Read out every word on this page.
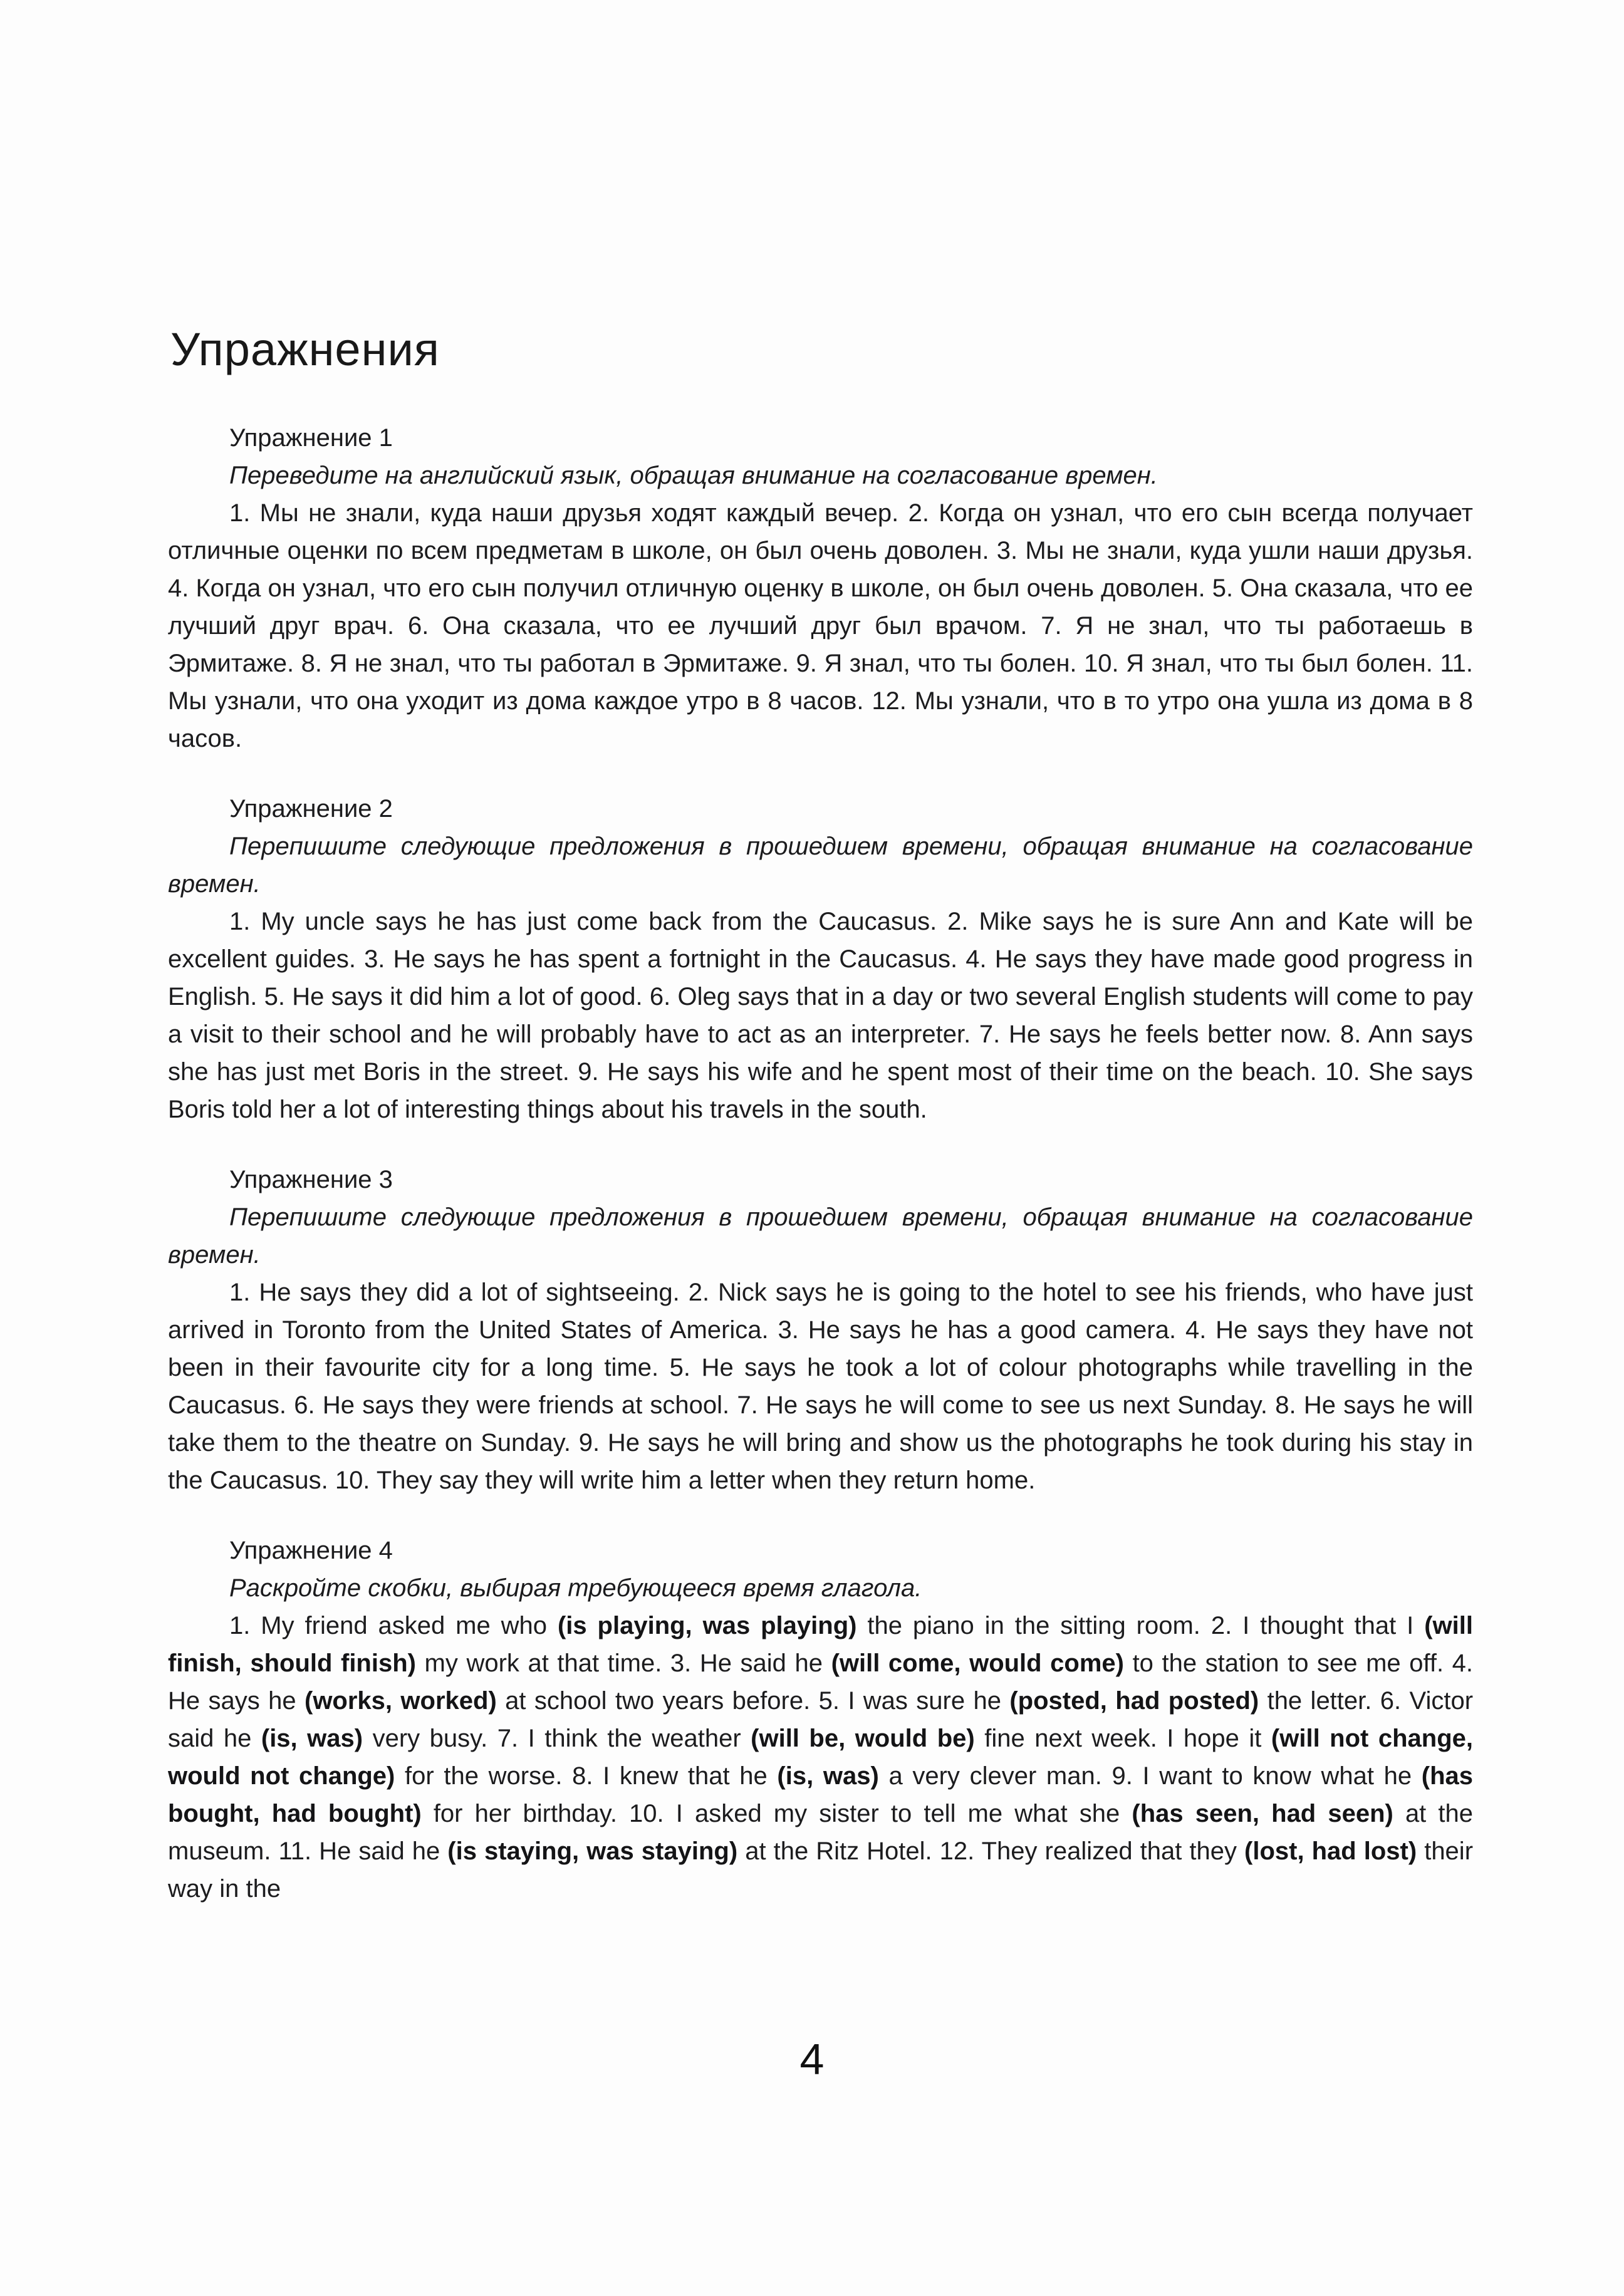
Упражнения

Упражнение 1

Переведите на английский язык, обращая внимание на согласование времен.

1. Мы не знали, куда наши друзья ходят каждый вечер. 2. Когда он узнал, что его сын всегда получает отличные оценки по всем предметам в школе, он был очень доволен. 3. Мы не знали, куда ушли наши друзья. 4. Когда он узнал, что его сын получил отличную оценку в школе, он был очень доволен. 5. Она сказала, что ее лучший друг врач. 6. Она сказала, что ее лучший друг был врачом. 7. Я не знал, что ты работаешь в Эрмитаже. 8. Я не знал, что ты работал в Эрмитаже. 9. Я знал, что ты болен. 10. Я знал, что ты был болен. 11. Мы узнали, что она уходит из дома каждое утро в 8 часов. 12. Мы узнали, что в то утро она ушла из дома в 8 часов.

Упражнение 2

Перепишите следующие предложения в прошедшем времени, обращая внимание на согласование времен.

1. My uncle says he has just come back from the Caucasus. 2. Mike says he is sure Ann and Kate will be excellent guides. 3. He says he has spent a fortnight in the Caucasus. 4. He says they have made good progress in English. 5. He says it did him a lot of good. 6. Oleg says that in a day or two several English students will come to pay a visit to their school and he will probably have to act as an interpreter. 7. He says he feels better now. 8. Ann says she has just met Boris in the street. 9. He says his wife and he spent most of their time on the beach. 10. She says Boris told her a lot of interesting things about his travels in the south.

Упражнение 3

Перепишите следующие предложения в прошедшем времени, обращая внимание на согласование времен.

1. He says they did a lot of sightseeing. 2. Nick says he is going to the hotel to see his friends, who have just arrived in Toronto from the United States of America. 3. He says he has a good camera. 4. He says they have not been in their favourite city for a long time. 5. He says he took a lot of colour photographs while travelling in the Caucasus. 6. He says they were friends at school. 7. He says he will come to see us next Sunday. 8. He says he will take them to the theatre on Sunday. 9. He says he will bring and show us the photographs he took during his stay in the Caucasus. 10. They say they will write him a letter when they return home.

Упражнение 4

Раскройте скобки, выбирая требующееся время глагола.

1. My friend asked me who (is playing, was playing) the piano in the sitting room. 2. I thought that I (will finish, should finish) my work at that time. 3. He said he (will come, would come) to the station to see me off. 4. He says he (works, worked) at school two years before. 5. I was sure he (posted, had posted) the letter. 6. Victor said he (is, was) very busy. 7. I think the weather (will be, would be) fine next week. I hope it (will not change, would not change) for the worse. 8. I knew that he (is, was) a very clever man. 9. I want to know what he (has bought, had bought) for her birthday. 10. I asked my sister to tell me what she (has seen, had seen) at the museum. 11. He said he (is staying, was staying) at the Ritz Hotel. 12. They realized that they (lost, had lost) their way in the

4
